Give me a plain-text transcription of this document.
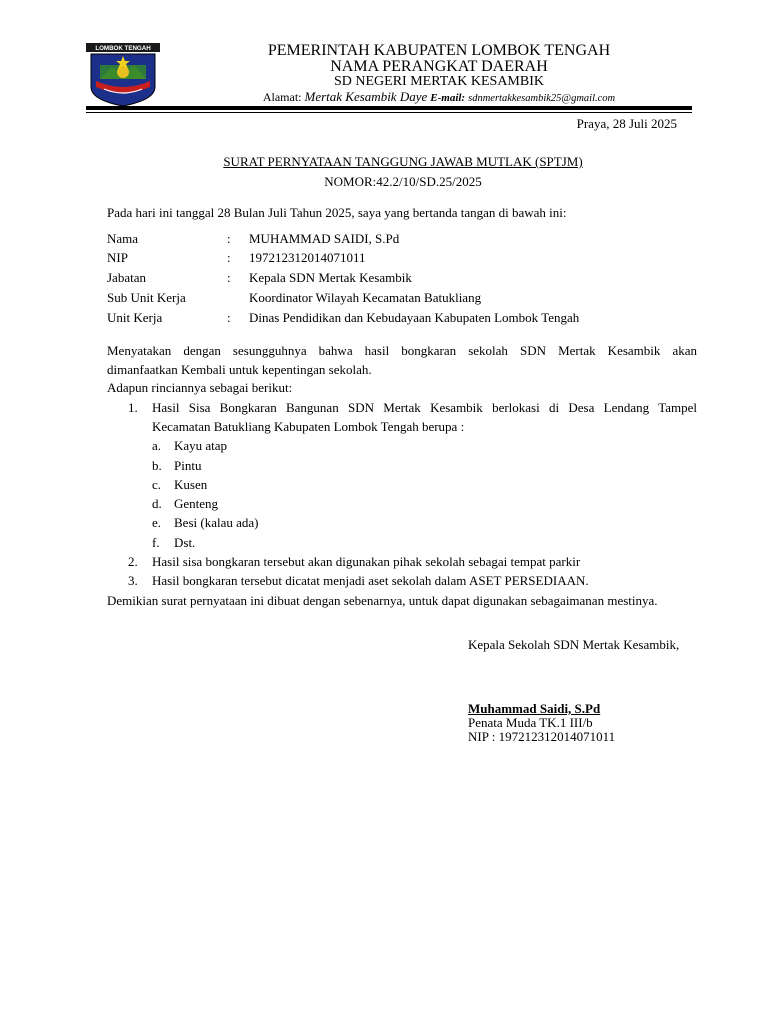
LOMBOK TENGAH	PEMERINTAH KABUPATEN LOMBOK TENGAH
NAMA PERANGKAT DAERAH
SD NEGERI MERTAK KESAMBIK
Alamat: Mertak Kesambik Daye E-mail: sdnmertakkesambik25@gmail.com
Praya, 28 Juli 2025
SURAT PERNYATAAN TANGGUNG JAWAB MUTLAK (SPTJM)
NOMOR:42.2/10/SD.25/2025
Pada hari ini tanggal 28 Bulan Juli Tahun 2025, saya yang bertanda tangan di bawah ini:
Nama	: MUHAMMAD SAIDI, S.Pd
NIP	: 197212312014071011
Jabatan	: Kepala SDN Mertak Kesambik
Sub Unit Kerja	Koordinator Wilayah Kecamatan Batukliang
Unit Kerja	: Dinas Pendidikan dan Kebudayaan Kabupaten Lombok Tengah
Menyatakan dengan sesungguhnya bahwa hasil bongkaran sekolah SDN Mertak Kesambik akan
dimanfaatkan Kembali untuk kepentingan sekolah.
Adapun rinciannya sebagai berikut:
1. Hasil Sisa Bongkaran Bangunan SDN Mertak Kesambik berlokasi di Desa Lendang Tampel
Kecamatan Batukliang Kabupaten Lombok Tengah berupa :
a. Kayu atap
b. Pintu
c. Kusen
d. Genteng
e. Besi (kalau ada)
f. Dst.
2. Hasil sisa bongkaran tersebut akan digunakan pihak sekolah sebagai tempat parkir
3. Hasil bongkaran tersebut dicatat menjadi aset sekolah dalam ASET PERSEDIAAN.
Demikian surat pernyataan ini dibuat dengan sebenarnya, untuk dapat digunakan sebagaimanan mestinya.
Kepala Sekolah SDN Mertak Kesambik,
Muhammad Saidi, S.Pd
Penata Muda TK.1 III/b
NIP : 197212312014071011
